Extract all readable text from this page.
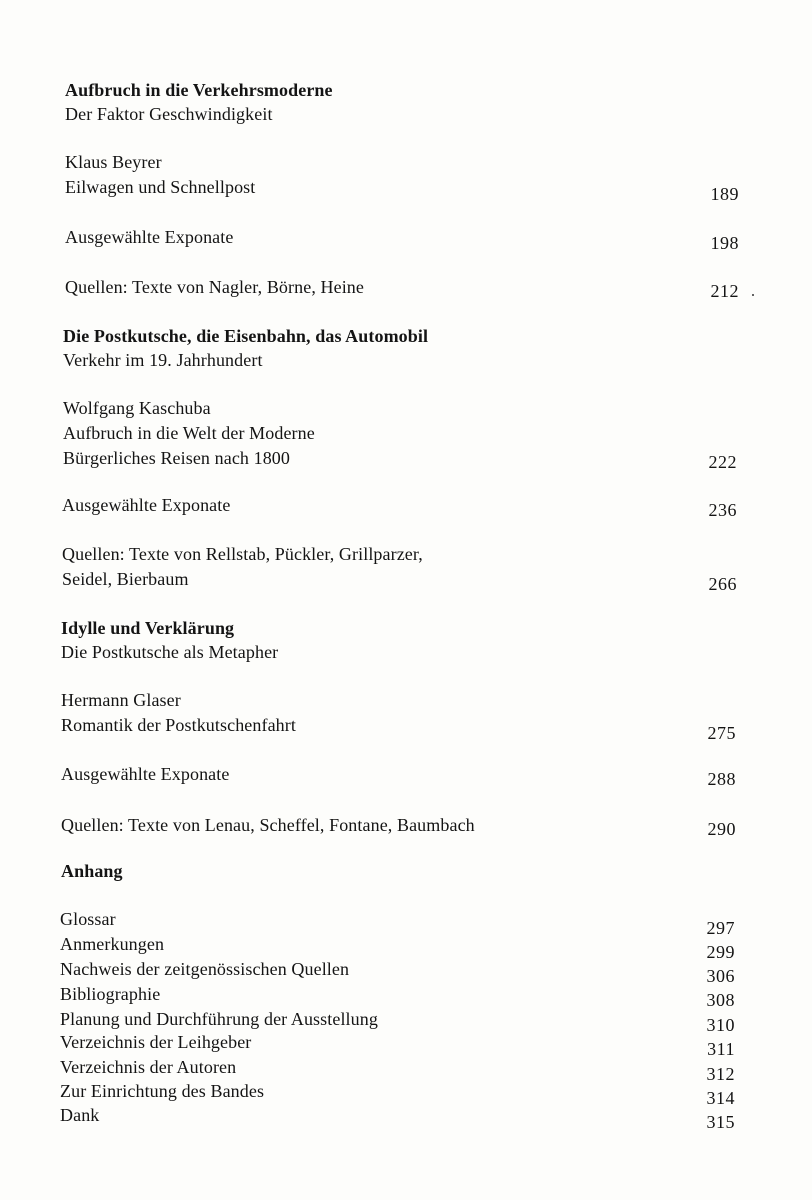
Aufbruch in die Verkehrsmoderne
Der Faktor Geschwindigkeit
Klaus Beyrer
Eilwagen und Schnellpost	189
Ausgewählte Exponate	198
Quellen: Texte von Nagler, Börne, Heine	212
Die Postkutsche, die Eisenbahn, das Automobil
Verkehr im 19. Jahrhundert
Wolfgang Kaschuba
Aufbruch in die Welt der Moderne
Bürgerliches Reisen nach 1800	222
Ausgewählte Exponate	236
Quellen: Texte von Rellstab, Pückler, Grillparzer,
Seidel, Bierbaum	266
Idylle und Verklärung
Die Postkutsche als Metapher
Hermann Glaser
Romantik der Postkutschenfahrt	275
Ausgewählte Exponate	288
Quellen: Texte von Lenau, Scheffel, Fontane, Baumbach	290
Anhang
Glossar	297
Anmerkungen	299
Nachweis der zeitgenössischen Quellen	306
Bibliographie	308
Planung und Durchführung der Ausstellung	310
Verzeichnis der Leihgeber	311
Verzeichnis der Autoren	312
Zur Einrichtung des Bandes	314
Dank	315
